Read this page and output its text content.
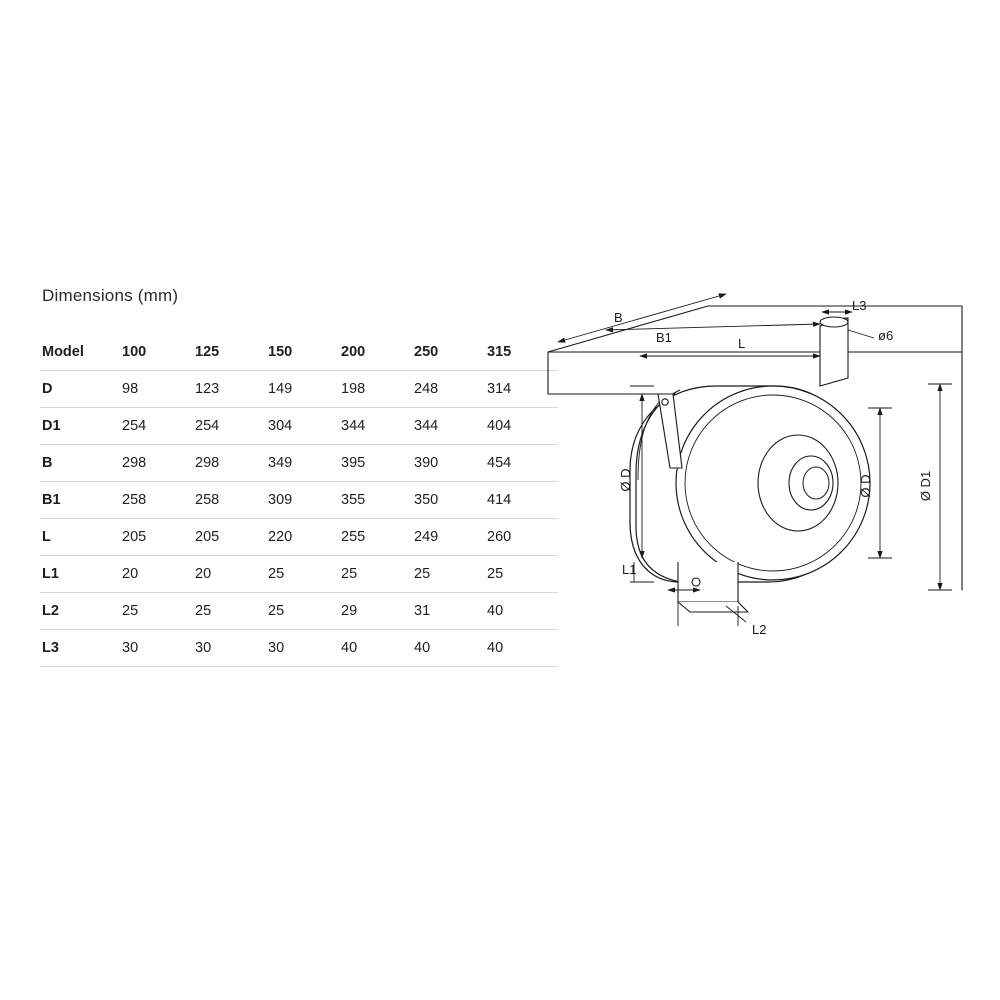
Dimensions (mm)
Model	100	125	150	200	250	315
D	98	123	149	198	248	314
D1	254	254	304	344	344	404
B	298	298	349	395	390	454
B1	258	258	309	355	350	414
L	205	205	220	255	249	260
L1	20	20	25	25	25	25
L2	25	25	25	29	31	40
L3	30	30	30	40	40	40
B
B1	L
L3
ø6
L1
L2
Ø D	Ø D	Ø D1
